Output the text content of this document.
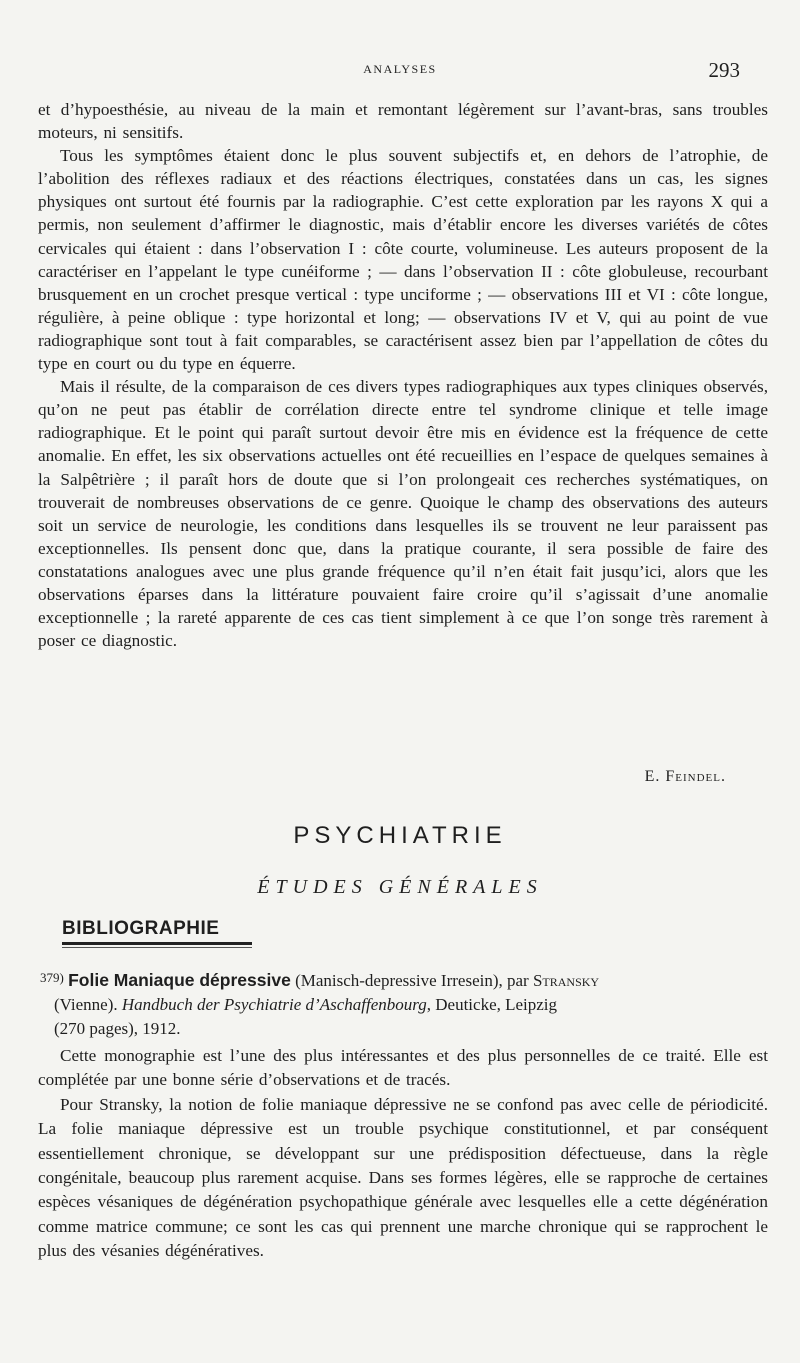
ANALYSES	293

et d’hypoesthésie, au niveau de la main et remontant légèrement sur l’avant-bras, sans troubles moteurs, ni sensitifs.

Tous les symptômes étaient donc le plus souvent subjectifs et, en dehors de l’atrophie, de l’abolition des réflexes radiaux et des réactions électriques, constatées dans un cas, les signes physiques ont surtout été fournis par la radiographie. C’est cette exploration par les rayons X qui a permis, non seulement d’affirmer le diagnostic, mais d’établir encore les diverses variétés de côtes cervicales qui étaient : dans l’observation I : côte courte, volumineuse. Les auteurs proposent de la caractériser en l’appelant le type cunéiforme ; — dans l’observation II : côte globuleuse, recourbant brusquement en un crochet presque vertical : type unciforme ; — observations III et VI : côte longue, régulière, à peine oblique : type horizontal et long; — observations IV et V, qui au point de vue radiographique sont tout à fait comparables, se caractérisent assez bien par l’appellation de côtes du type en court ou du type en équerre.

Mais il résulte, de la comparaison de ces divers types radiographiques aux types cliniques observés, qu’on ne peut pas établir de corrélation directe entre tel syndrome clinique et telle image radiographique. Et le point qui paraît surtout devoir être mis en évidence est la fréquence de cette anomalie. En effet, les six observations actuelles ont été recueillies en l’espace de quelques semaines à la Salpêtrière ; il paraît hors de doute que si l’on prolongeait ces recherches systématiques, on trouverait de nombreuses observations de ce genre. Quoique le champ des observations des auteurs soit un service de neurologie, les conditions dans lesquelles ils se trouvent ne leur paraissent pas exceptionnelles. Ils pensent donc que, dans la pratique courante, il sera possible de faire des constatations analogues avec une plus grande fréquence qu’il n’en était fait jusqu’ici, alors que les observations éparses dans la littérature pouvaient faire croire qu’il s’agissait d’une anomalie exceptionnelle ; la rareté apparente de ces cas tient simplement à ce que l’on songe très rarement à poser ce diagnostic.

E. Feindel.
PSYCHIATRIE
ÉTUDES GÉNÉRALES
BIBLIOGRAPHIE
$^{379)}$ Folie Maniaque dépressive (Manisch-depressive Irresein), par Stransky
(Vienne). Handbuch der Psychiatrie d’Aschaffenbourg, Deuticke, Leipzig
(270 pages), 1912.

Cette monographie est l’une des plus intéressantes et des plus personnelles de ce traité. Elle est complétée par une bonne série d’observations et de tracés.

Pour Stransky, la notion de folie maniaque dépressive ne se confond pas avec celle de périodicité. La folie maniaque dépressive est un trouble psychique constitutionnel, et par conséquent essentiellement chronique, se développant sur une prédisposition défectueuse, dans la règle congénitale, beaucoup plus rarement acquise. Dans ses formes légères, elle se rapproche de certaines espèces vésaniques de dégénération psychopathique générale avec lesquelles elle a cette dégénération comme matrice commune; ce sont les cas qui prennent une marche chronique qui se rapprochent le plus des vésanies dégénératives.
